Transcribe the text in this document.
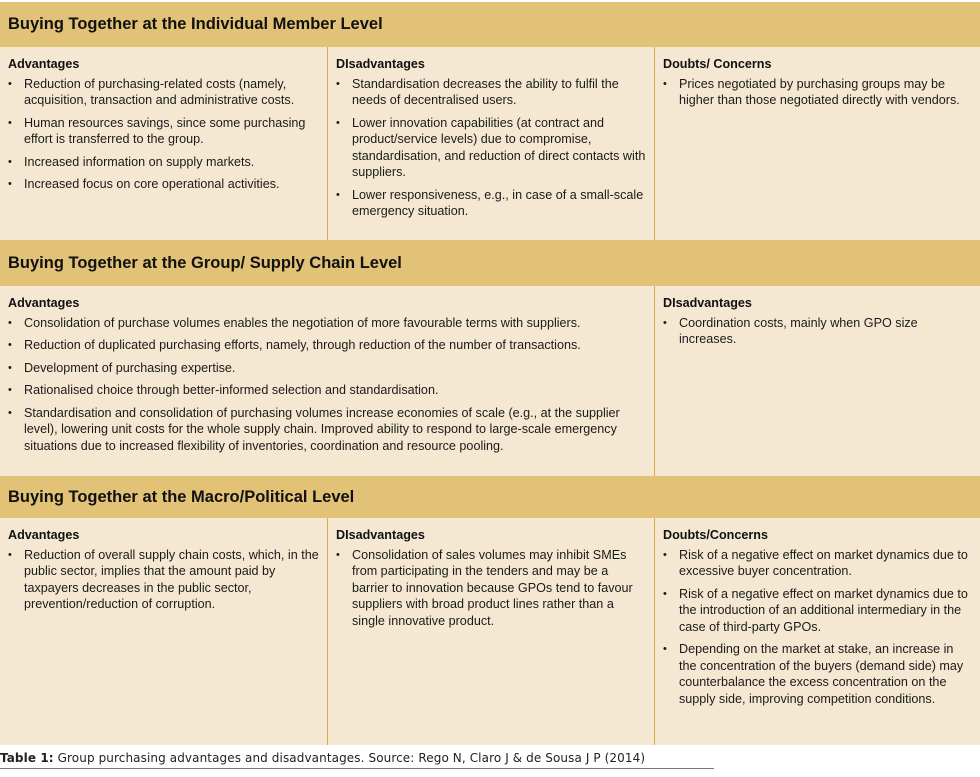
Buying Together at the Individual Member Level
Advantages
• Reduction of purchasing-related costs (namely, acquisition, transaction and administrative costs.
• Human resources savings, since some purchasing effort is transferred to the group.
• Increased information on supply markets.
• Increased focus on core operational activities.
DIsadvantages
• Standardisation decreases the ability to fulfil the needs of decentralised users.
• Lower innovation capabilities (at contract and product/service levels) due to compromise, standardisation, and reduction of direct contacts with suppliers.
• Lower responsiveness, e.g., in case of a small-scale emergency situation.
Doubts/ Concerns
• Prices negotiated by purchasing groups may be higher than those negotiated directly with vendors.
Buying Together at the Group/ Supply Chain Level
Advantages
• Consolidation of purchase volumes enables the negotiation of more favourable terms with suppliers.
• Reduction of duplicated purchasing efforts, namely, through reduction of the number of transactions.
• Development of purchasing expertise.
• Rationalised choice through better-informed selection and standardisation.
• Standardisation and consolidation of purchasing volumes increase economies of scale (e.g., at the supplier level), lowering unit costs for the whole supply chain. Improved ability to respond to large-scale emergency situations due to increased flexibility of inventories, coordination and resource pooling.
DIsadvantages
• Coordination costs, mainly when GPO size increases.
Buying Together at the Macro/Political Level
Advantages
• Reduction of overall supply chain costs, which, in the public sector, implies that the amount paid by taxpayers decreases in the public sector, prevention/reduction of corruption.
DIsadvantages
• Consolidation of sales volumes may inhibit SMEs from participating in the tenders and may be a barrier to innovation because GPOs tend to favour suppliers with broad product lines rather than a single innovative product.
Doubts/Concerns
• Risk of a negative effect on market dynamics due to excessive buyer concentration.
• Risk of a negative effect on market dynamics due to the introduction of an additional intermediary in the case of third-party GPOs.
• Depending on the market at stake, an increase in the concentration of the buyers (demand side) may counterbalance the excess concentration on the supply side, improving competition conditions.
Table 1: Group purchasing advantages and disadvantages. Source: Rego N, Claro J & de Sousa J P (2014)
